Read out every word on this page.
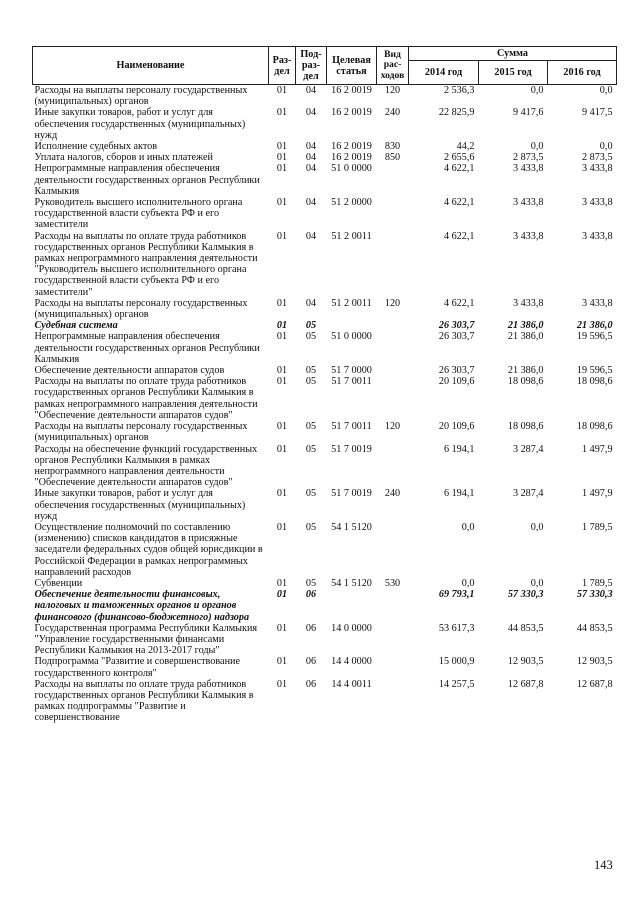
Наименование	Раз-дел	Под-раз-дел	Целевая статья	Вид рас-ходов	Сумма		
					2014 год	2015 год	2016 год
Расходы на выплаты персоналу государственных (муниципальных) органов	01	04	16 2 0019	120	2 536,3	0,0	0,0
Иные закупки товаров, работ и услуг для обеспечения государственных (муниципальных) нужд	01	04	16 2 0019	240	22 825,9	9 417,6	9 417,5
Исполнение судебных актов	01	04	16 2 0019	830	44,2	0,0	0,0
Уплата налогов, сборов и иных платежей	01	04	16 2 0019	850	2 655,6	2 873,5	2 873,5
Непрограммные направления обеспечения деятельности государственных органов Республики Калмыкия	01	04	51 0 0000		4 622,1	3 433,8	3 433,8
Руководитель высшего исполнительного органа государственной власти субъекта РФ и его заместители	01	04	51 2 0000		4 622,1	3 433,8	3 433,8
Расходы на выплаты по оплате труда работников государственных органов Республики Калмыкия в рамках непрограммного направления деятельности "Руководитель высшего исполнительного органа государственной власти субъекта РФ и его заместители"	01	04	51 2 0011		4 622,1	3 433,8	3 433,8
Расходы на выплаты персоналу государственных (муниципальных) органов	01	04	51 2 0011	120	4 622,1	3 433,8	3 433,8
Судебная система	01	05			26 303,7	21 386,0	21 386,0
Непрограммные направления обеспечения деятельности государственных органов Республики Калмыкия	01	05	51 0 0000		26 303,7	21 386,0	19 596,5
Обеспечение деятельности аппаратов судов	01	05	51 7 0000		26 303,7	21 386,0	19 596,5
Расходы на выплаты по оплате труда работников государственных органов Республики Калмыкия в рамках непрограммного направления деятельности "Обеспечение деятельности аппаратов судов"	01	05	51 7 0011		20 109,6	18 098,6	18 098,6
Расходы на выплаты персоналу государственных (муниципальных) органов	01	05	51 7 0011	120	20 109,6	18 098,6	18 098,6
Расходы на обеспечение функций государственных органов Республики Калмыкия в рамках непрограммного направления деятельности "Обеспечение деятельности аппаратов судов"	01	05	51 7 0019		6 194,1	3 287,4	1 497,9
Иные закупки товаров, работ и услуг для обеспечения государственных (муниципальных) нужд	01	05	51 7 0019	240	6 194,1	3 287,4	1 497,9
Осуществление полномочий по составлению (изменению) списков кандидатов в присяжные заседатели федеральных судов общей юрисдикции в Российской Федерации в рамках непрограммных направлений расходов	01	05	54 1 5120		0,0	0,0	1 789,5
Субвенции	01	05	54 1 5120	530	0,0	0,0	1 789,5
Обеспечение деятельности финансовых, налоговых и таможенных органов и органов финансового (финансово-бюджетного) надзора	01	06			69 793,1	57 330,3	57 330,3
Государственная программа Республики Калмыкия "Управление государственными финансами Республики Калмыкия на 2013-2017 годы"	01	06	14 0 0000		53 617,3	44 853,5	44 853,5
Подпрограмма "Развитие и совершенствование государственного контроля"	01	06	14 4 0000		15 000,9	12 903,5	12 903,5
Расходы на выплаты по оплате труда работников государственных органов Республики Калмыкия в рамках подпрограммы "Развитие и совершенствование	01	06	14 4 0011		14 257,5	12 687,8	12 687,8
143
